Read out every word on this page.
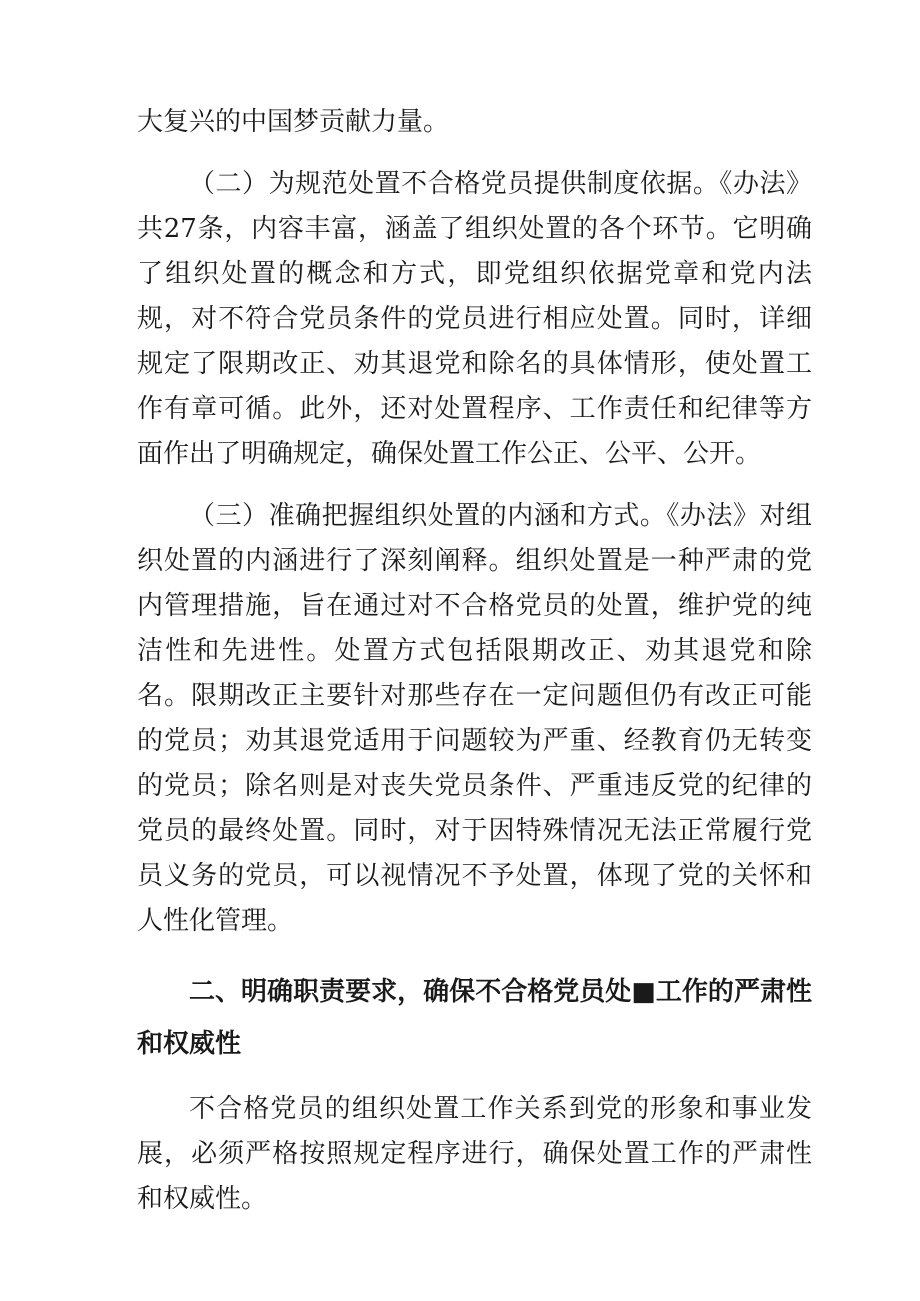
大复兴的中国梦贡献力量。

（二）为规范处置不合格党员提供制度依据。《办法》共27条，内容丰富，涵盖了组织处置的各个环节。它明确了组织处置的概念和方式，即党组织依据党章和党内法规，对不符合党员条件的党员进行相应处置。同时，详细规定了限期改正、劝其退党和除名的具体情形，使处置工作有章可循。此外，还对处置程序、工作责任和纪律等方面作出了明确规定，确保处置工作公正、公平、公开。

（三）准确把握组织处置的内涵和方式。《办法》对组织处置的内涵进行了深刻阐释。组织处置是一种严肃的党内管理措施，旨在通过对不合格党员的处置，维护党的纯洁性和先进性。处置方式包括限期改正、劝其退党和除名。限期改正主要针对那些存在一定问题但仍有改正可能的党员；劝其退党适用于问题较为严重、经教育仍无转变的党员；除名则是对丧失党员条件、严重违反党的纪律的党员的最终处置。同时，对于因特殊情况无法正常履行党员义务的党员，可以视情况不予处置，体现了党的关怀和人性化管理。

二、明确职责要求，确保不合格党员处■工作的严肃性和权威性

不合格党员的组织处置工作关系到党的形象和事业发展，必须严格按照规定程序进行，确保处置工作的严肃性和权威性。
